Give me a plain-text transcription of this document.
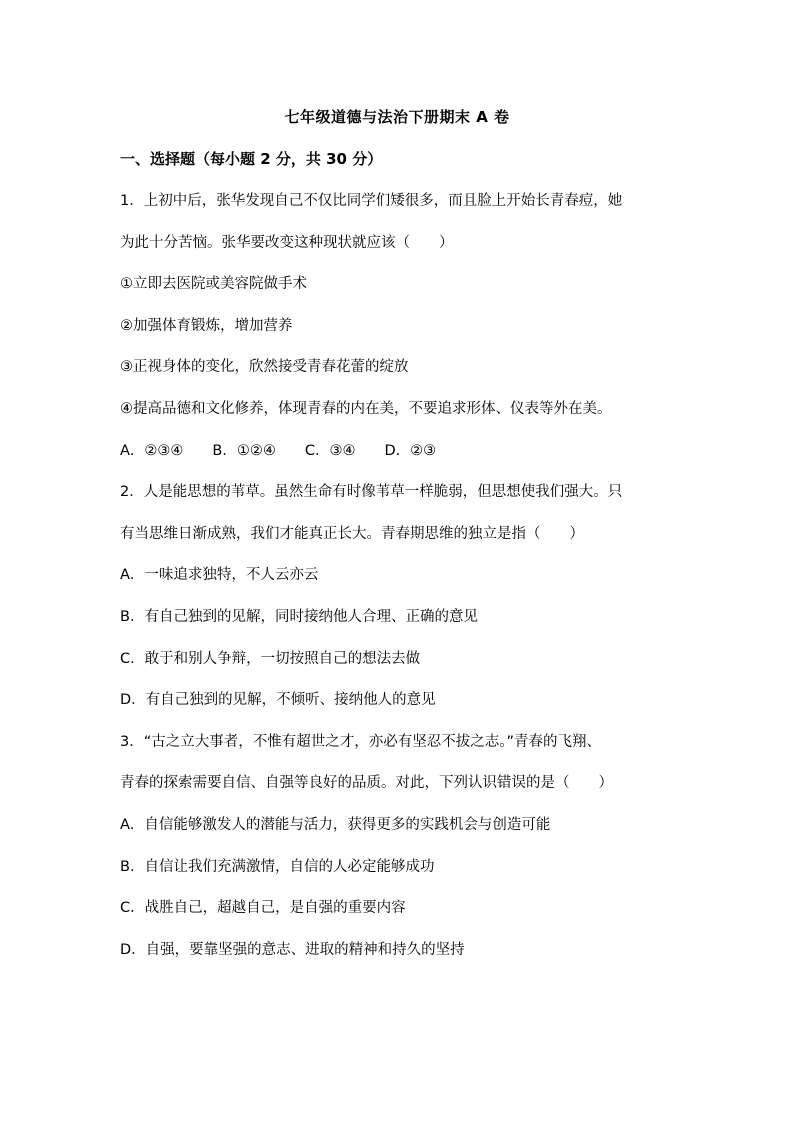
七年级道德与法治下册期末 A 卷
一、选择题（每小题 2 分，共 30 分）
1．上初中后，张华发现自己不仅比同学们矮很多，而且脸上开始长青春痘，她
为此十分苦恼。张华要改变这种现状就应该（　　）
①立即去医院或美容院做手术
②加强体育锻炼，增加营养
③正视身体的变化，欣然接受青春花蕾的绽放
④提高品德和文化修养，体现青春的内在美，不要追求形体、仪表等外在美。
A．②③④　　B．①②④　　C．③④　　D．②③
2．人是能思想的苇草。虽然生命有时像苇草一样脆弱，但思想使我们强大。只
有当思维日渐成熟，我们才能真正长大。青春期思维的独立是指（　　）
A．一味追求独特，不人云亦云
B．有自己独到的见解，同时接纳他人合理、正确的意见
C．敢于和别人争辩，一切按照自己的想法去做
D．有自己独到的见解，不倾听、接纳他人的意见
3．“古之立大事者，不惟有超世之才，亦必有坚忍不拔之志。”青春的飞翔、
青春的探索需要自信、自强等良好的品质。对此，下列认识错误的是（　　）
A．自信能够激发人的潜能与活力，获得更多的实践机会与创造可能
B．自信让我们充满激情，自信的人必定能够成功
C．战胜自己，超越自己，是自强的重要内容
D．自强，要靠坚强的意志、进取的精神和持久的坚持
